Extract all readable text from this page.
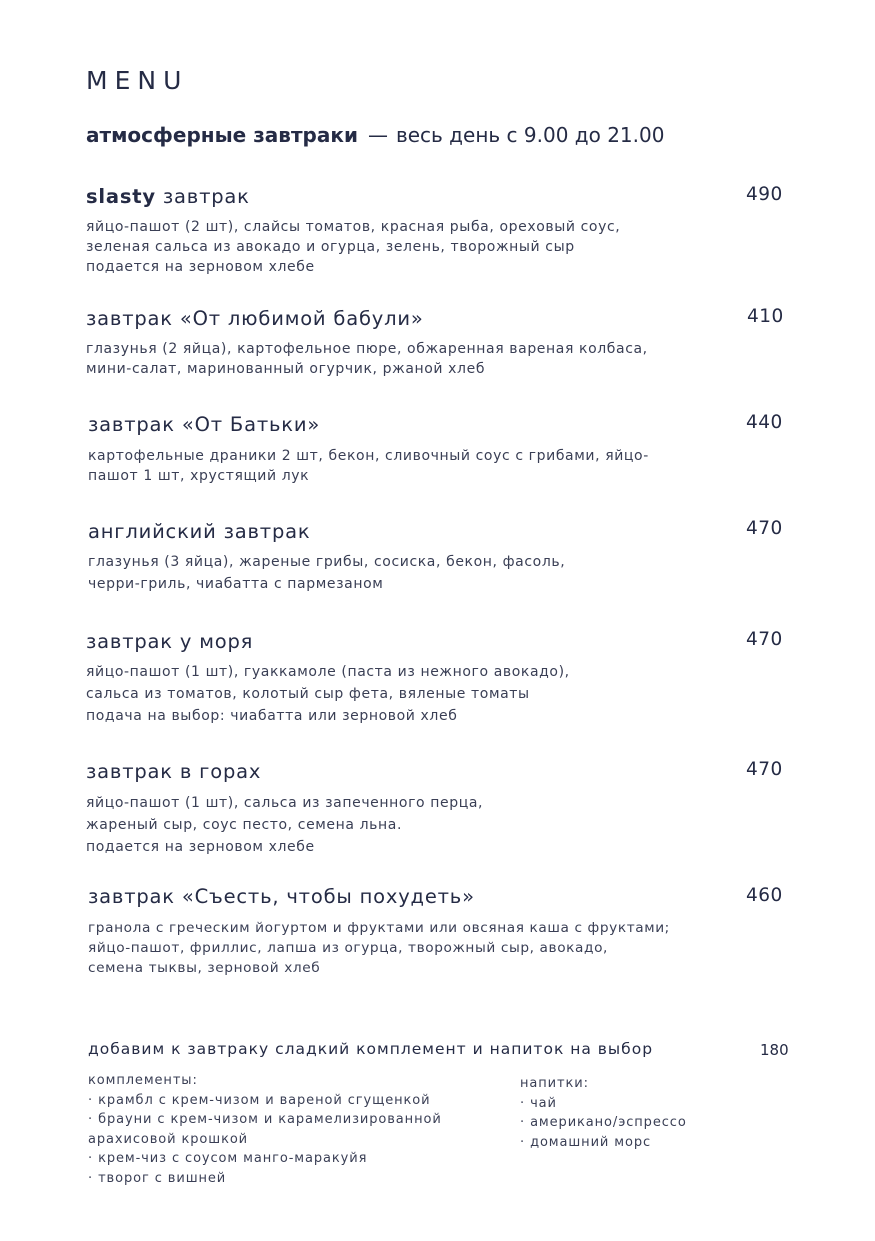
MENU
атмосферные завтраки — весь день с 9.00 до 21.00
slasty завтрак	490
яйцо-пашот (2 шт), слайсы томатов, красная рыба, ореховый соус,
зеленая сальса из авокадо и огурца, зелень, творожный сыр
подается на зерновом хлебе
завтрак «От любимой бабули»	410
глазунья (2 яйца), картофельное пюре, обжаренная вареная колбаса,
мини-салат, маринованный огурчик, ржаной хлеб
завтрак «От Батьки»	440
картофельные драники 2 шт, бекон, сливочный соус с грибами, яйцо-
пашот 1 шт, хрустящий лук
английский завтрак	470
глазунья (3 яйца), жареные грибы, сосиска, бекон, фасоль,
черри-гриль, чиабатта с пармезаном
завтрак у моря	470
яйцо-пашот (1 шт), гуаккамоле (паста из нежного авокадо),
сальса из томатов, колотый сыр фета, вяленые томаты
подача на выбор: чиабатта или зерновой хлеб
завтрак в горах	470
яйцо-пашот (1 шт), сальса из запеченного перца,
жареный сыр, соус песто, семена льна.
подается на зерновом хлебе
завтрак «Съесть, чтобы похудеть»	460
гранола с греческим йогуртом и фруктами или овсяная каша с фруктами;
яйцо-пашот, фриллис, лапша из огурца, творожный сыр, авокадо,
семена тыквы, зерновой хлеб
добавим к завтраку сладкий комплемент и напиток на выбор	180
комплементы:
· крамбл с крем-чизом и вареной сгущенкой
· брауни с крем-чизом и карамелизированной
арахисовой крошкой
· крем-чиз с соусом манго-маракуйя
· творог с вишней
напитки:
· чай
· американо/эспрессо
· домашний морс
